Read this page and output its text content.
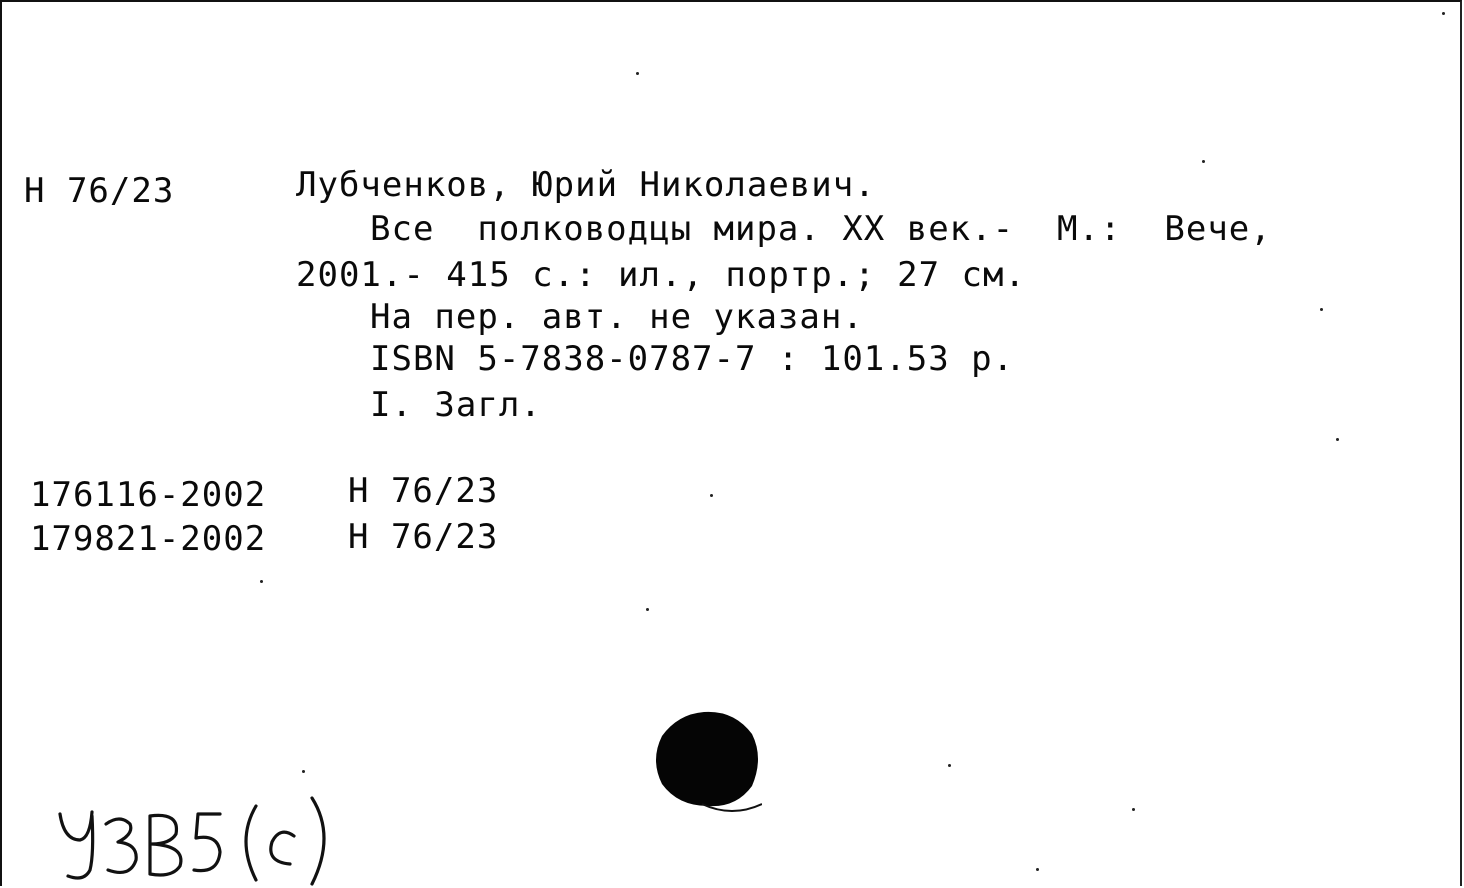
Н 76/23	Лубченков, Юрий Николаевич.
Все  полководцы мира. XX век.-  М.:  Вече,
2001.- 415 с.: ил., портр.; 27 см.
На пер. авт. не указан.
ISBN 5-7838-0787-7 : 101.53 р.
I. Загл.
176116-2002 Н 76/23
179821-2002 Н 76/23
